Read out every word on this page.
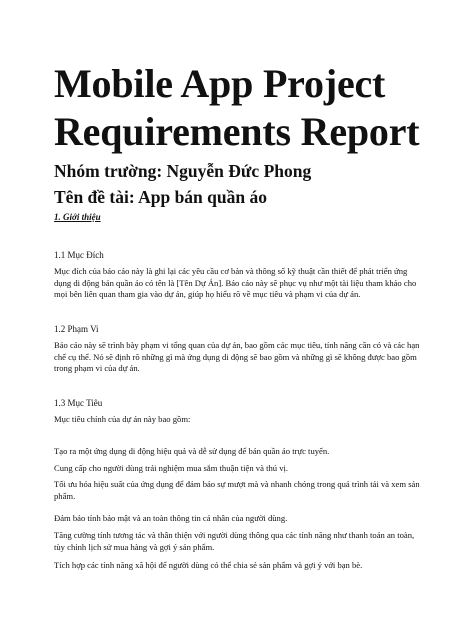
Mobile App Project Requirements Report
Nhóm trường: Nguyễn Đức Phong
Tên đề tài: App bán quần áo

1. Giới thiệu

1.1 Mục Đích

Mục đích của báo cáo này là ghi lại các yêu cầu cơ bản và thông số kỹ thuật cần thiết để phát triển ứng dụng di động bán quần áo có tên là [Tên Dự Án]. Báo cáo này sẽ phục vụ như một tài liệu tham khảo cho mọi bên liên quan tham gia vào dự án, giúp họ hiểu rõ về mục tiêu và phạm vi của dự án.

1.2 Phạm Vi

Báo cáo này sẽ trình bày phạm vi tổng quan của dự án, bao gồm các mục tiêu, tính năng cần có và các hạn chế cụ thể. Nó sẽ định rõ những gì mà ứng dụng di động sẽ bao gồm và những gì sẽ không được bao gồm trong phạm vi của dự án.

1.3 Mục Tiêu

Mục tiêu chính của dự án này bao gồm:

Tạo ra một ứng dụng di động hiệu quả và dễ sử dụng để bán quần áo trực tuyến.

Cung cấp cho người dùng trải nghiệm mua sắm thuận tiện và thú vị.

Tối ưu hóa hiệu suất của ứng dụng để đảm bảo sự mượt mà và nhanh chóng trong quá trình tải và xem sản phẩm.

Đảm bảo tính bảo mật và an toàn thông tin cá nhân của người dùng.

Tăng cường tính tương tác và thân thiện với người dùng thông qua các tính năng như thanh toán an toàn, tùy chỉnh lịch sử mua hàng và gợi ý sản phẩm.

Tích hợp các tính năng xã hội để người dùng có thể chia sẻ sản phẩm và gợi ý với bạn bè.
